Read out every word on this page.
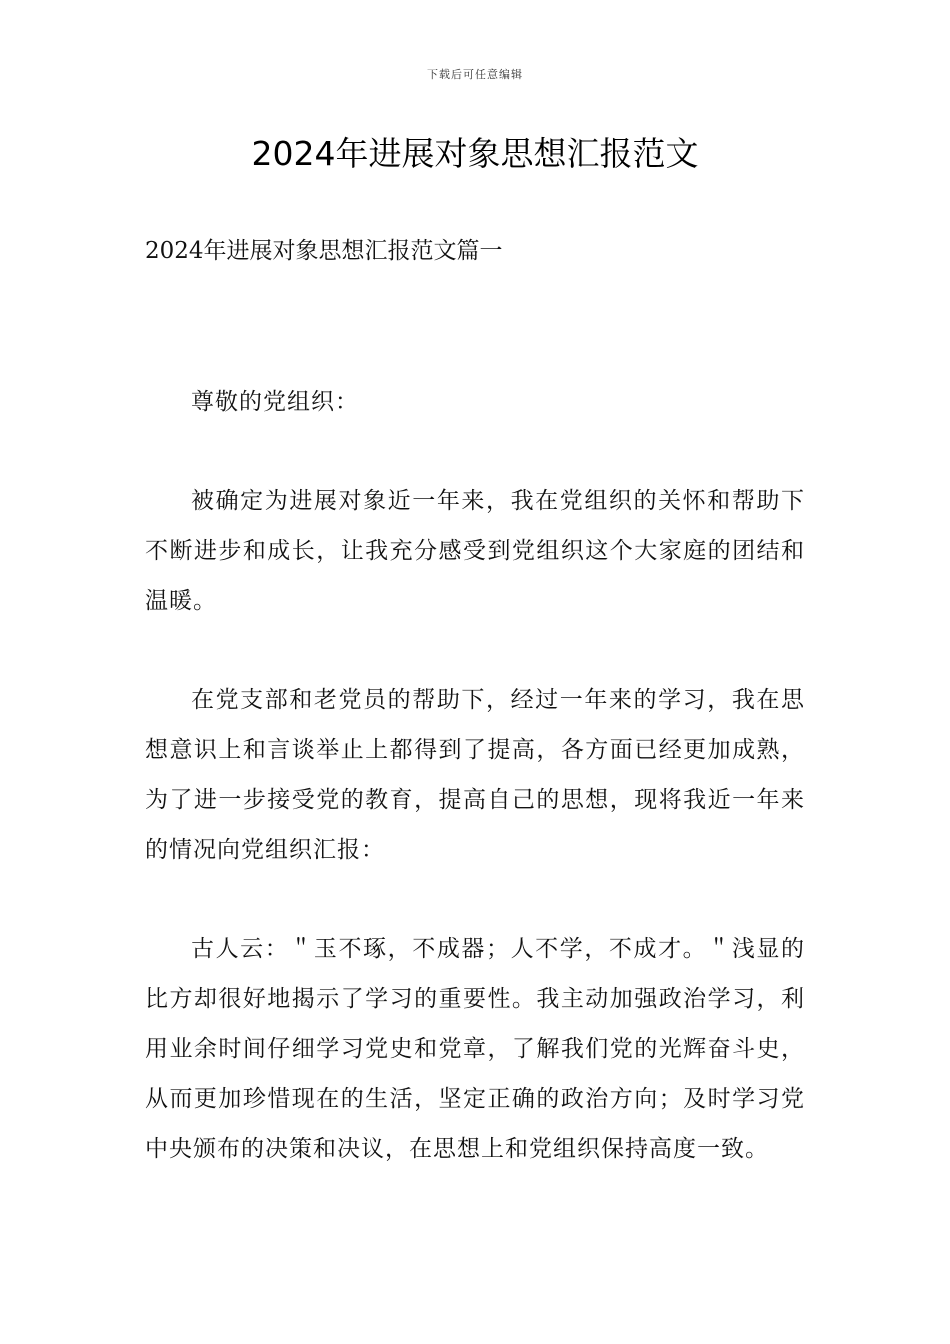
下载后可任意编辑
2024年进展对象思想汇报范文

2024年进展对象思想汇报范文篇一

尊敬的党组织：

被确定为进展对象近一年来，我在党组织的关怀和帮助下不断进步和成长，让我充分感受到党组织这个大家庭的团结和温暖。

在党支部和老党员的帮助下，经过一年来的学习，我在思想意识上和言谈举止上都得到了提高，各方面已经更加成熟，为了进一步接受党的教育，提高自己的思想，现将我近一年来的情况向党组织汇报：

古人云：＂玉不琢，不成器；人不学，不成才。＂浅显的比方却很好地揭示了学习的重要性。我主动加强政治学习，利用业余时间仔细学习党史和党章，了解我们党的光辉奋斗史，从而更加珍惜现在的生活，坚定正确的政治方向；及时学习党中央颁布的决策和决议，在思想上和党组织保持高度一致。
